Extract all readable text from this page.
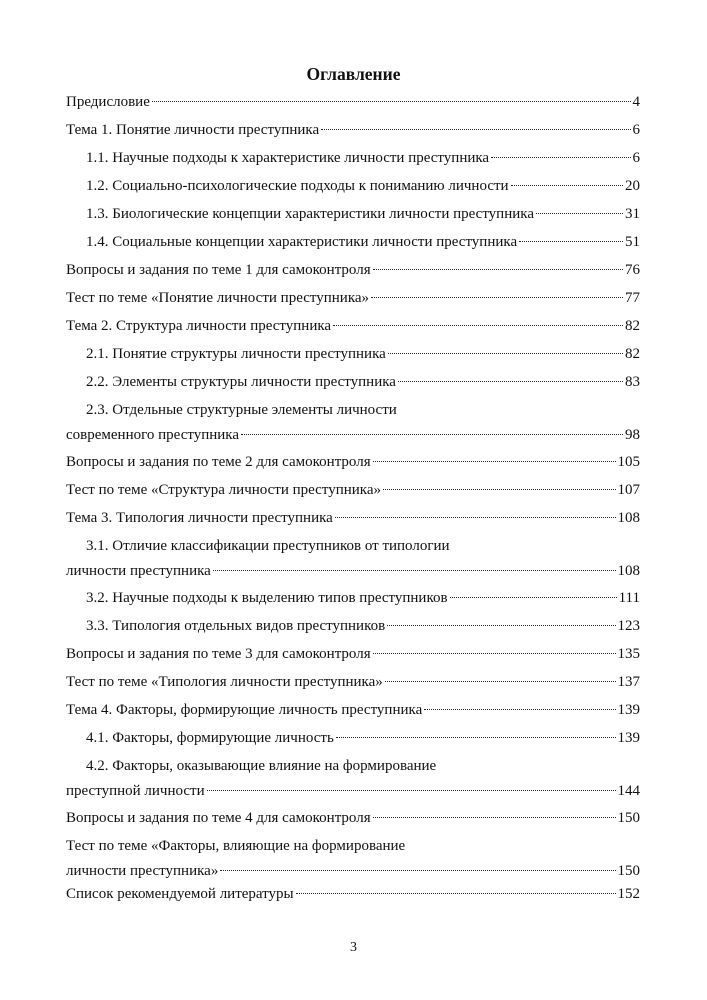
Оглавление
Предисловие	4
Тема 1. Понятие личности преступника	6
1.1. Научные подходы к характеристике личности преступника	6
1.2. Социально-психологические подходы к пониманию личности	20
1.3. Биологические концепции характеристики личности преступника	31
1.4. Социальные концепции характеристики личности преступника	51
Вопросы и задания по теме 1 для самоконтроля	76
Тест по теме «Понятие личности преступника»	77
Тема 2. Структура личности преступника	82
2.1. Понятие структуры личности преступника	82
2.2. Элементы структуры личности преступника	83
2.3. Отдельные структурные элементы личности
современного преступника	98
Вопросы и задания по теме 2 для самоконтроля	105
Тест по теме «Структура личности преступника»	107
Тема 3. Типология личности преступника	108
3.1. Отличие классификации преступников от типологии
личности преступника	108
3.2. Научные подходы к выделению типов преступников	111
3.3. Типология отдельных видов преступников	123
Вопросы и задания по теме 3 для самоконтроля	135
Тест по теме «Типология личности преступника»	137
Тема 4. Факторы, формирующие личность преступника	139
4.1. Факторы, формирующие личность	139
4.2. Факторы, оказывающие влияние на формирование
преступной личности	144
Вопросы и задания по теме 4 для самоконтроля	150
Тест по теме «Факторы, влияющие на формирование
личности преступника»	150
Список рекомендуемой литературы	152
3
